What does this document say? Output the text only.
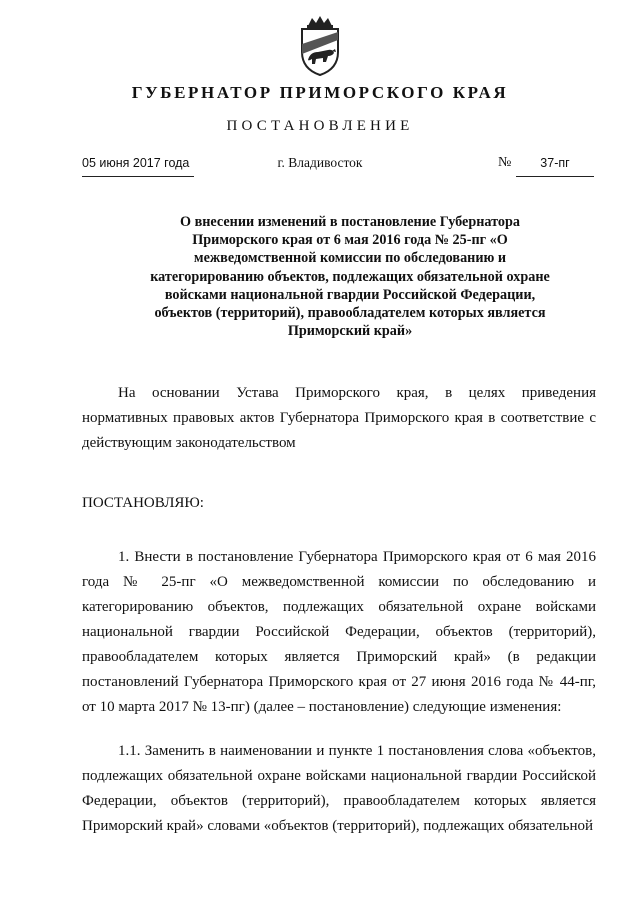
ГУБЕРНАТОР ПРИМОРСКОГО КРАЯ
ПОСТАНОВЛЕНИЕ
05 июня 2017 года	г. Владивосток	№	37-пг
О внесении изменений в постановление Губернатора Приморского края от 6 мая 2016 года № 25-пг «О межведомственной комиссии по обследованию и категорированию объектов, подлежащих обязательной охране войсками национальной гвардии Российской Федерации, объектов (территорий), правообладателем которых является Приморский край»
На основании Устава Приморского края, в целях приведения нормативных правовых актов Губернатора Приморского края в соответствие с действующим законодательством
ПОСТАНОВЛЯЮ:
1. Внести в постановление Губернатора Приморского края от 6 мая 2016 года № 25-пг «О межведомственной комиссии по обследованию и категорированию объектов, подлежащих обязательной охране войсками национальной гвардии Российской Федерации, объектов (территорий), правообладателем которых является Приморский край» (в редакции постановлений Губернатора Приморского края от 27 июня 2016 года № 44-пг, от 10 марта 2017 № 13-пг) (далее – постановление) следующие изменения:
1.1. Заменить в наименовании и пункте 1 постановления слова «объектов, подлежащих обязательной охране войсками национальной гвардии Российской Федерации, объектов (территорий), правообладателем которых является Приморский край» словами «объектов (территорий), подлежащих обязательной
